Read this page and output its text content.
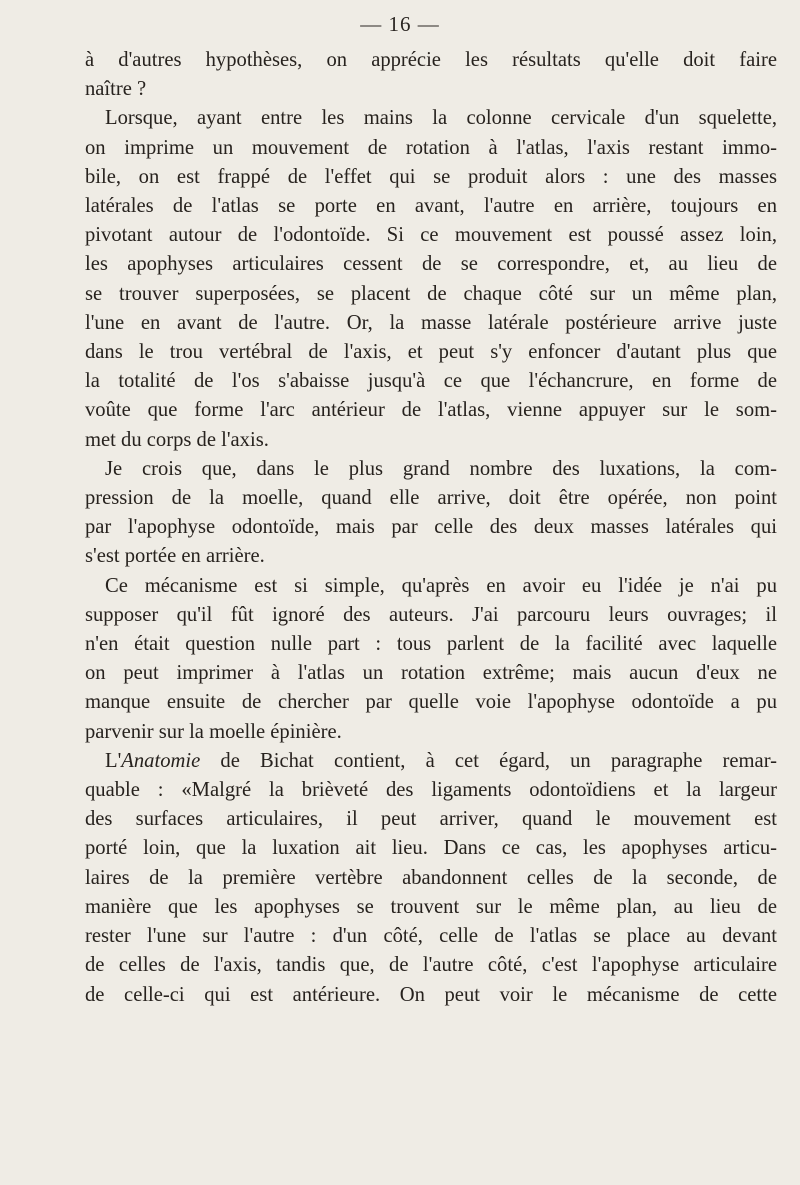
— 16 —
à d'autres hypothèses, on apprécie les résultats qu'elle doit faire
naître ?
Lorsque, ayant entre les mains la colonne cervicale d'un squelette,
on imprime un mouvement de rotation à l'atlas, l'axis restant immo-
bile, on est frappé de l'effet qui se produit alors : une des masses
latérales de l'atlas se porte en avant, l'autre en arrière, toujours en
pivotant autour de l'odontoïde. Si ce mouvement est poussé assez loin,
les apophyses articulaires cessent de se correspondre, et, au lieu de
se trouver superposées, se placent de chaque côté sur un même plan,
l'une en avant de l'autre. Or, la masse latérale postérieure arrive juste
dans le trou vertébral de l'axis, et peut s'y enfoncer d'autant plus que
la totalité de l'os s'abaisse jusqu'à ce que l'échancrure, en forme de
voûte que forme l'arc antérieur de l'atlas, vienne appuyer sur le som-
met du corps de l'axis.
Je crois que, dans le plus grand nombre des luxations, la com-
pression de la moelle, quand elle arrive, doit être opérée, non point
par l'apophyse odontoïde, mais par celle des deux masses latérales qui
s'est portée en arrière.
Ce mécanisme est si simple, qu'après en avoir eu l'idée je n'ai pu
supposer qu'il fût ignoré des auteurs. J'ai parcouru leurs ouvrages; il
n'en était question nulle part : tous parlent de la facilité avec laquelle
on peut imprimer à l'atlas un rotation extrême; mais aucun d'eux ne
manque ensuite de chercher par quelle voie l'apophyse odontoïde a pu
parvenir sur la moelle épinière.
L'Anatomie de Bichat contient, à cet égard, un paragraphe remar-
quable : «Malgré la brièveté des ligaments odontoïdiens et la largeur
des surfaces articulaires, il peut arriver, quand le mouvement est
porté loin, que la luxation ait lieu. Dans ce cas, les apophyses articu-
laires de la première vertèbre abandonnent celles de la seconde, de
manière que les apophyses se trouvent sur le même plan, au lieu de
rester l'une sur l'autre : d'un côté, celle de l'atlas se place au devant
de celles de l'axis, tandis que, de l'autre côté, c'est l'apophyse articulaire
de celle-ci qui est antérieure. On peut voir le mécanisme de cette
